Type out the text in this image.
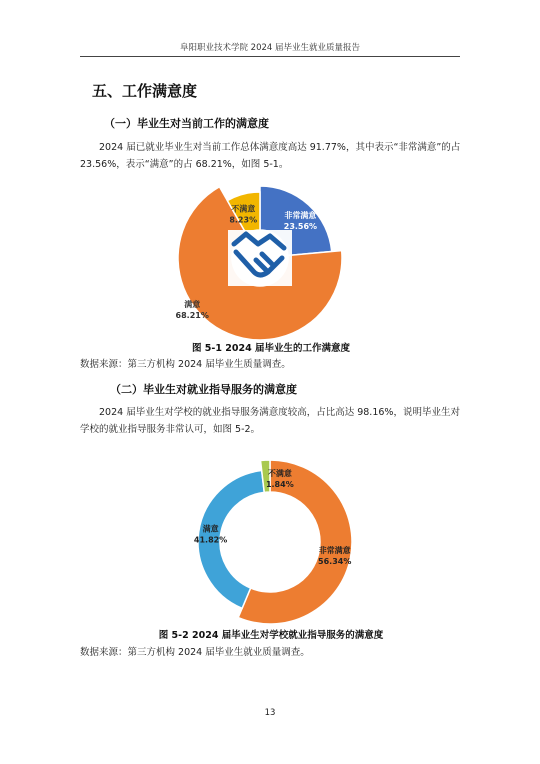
阜阳职业技术学院 2024 届毕业生就业质量报告
五、工作满意度
（一）毕业生对当前工作的满意度
2024 届已就业毕业生对当前工作总体满意度高达 91.77%，其中表示“非常满意”的占 23.56%，表示“满意”的占 68.21%，如图 5-1。
非常满意
23.56%
满意
68.21%
不满意
8.23%
图 5-1 2024 届毕业生的工作满意度
数据来源：第三方机构 2024 届毕业生质量调查。
（二）毕业生对就业指导服务的满意度
2024 届毕业生对学校的就业指导服务满意度较高，占比高达 98.16%，说明毕业生对学校的就业指导服务非常认可，如图 5-2。
非常满意
56.34%
满意
41.82%
不满意
1.84%
图 5-2 2024 届毕业生对学校就业指导服务的满意度
数据来源：第三方机构 2024 届毕业生就业质量调查。
13
